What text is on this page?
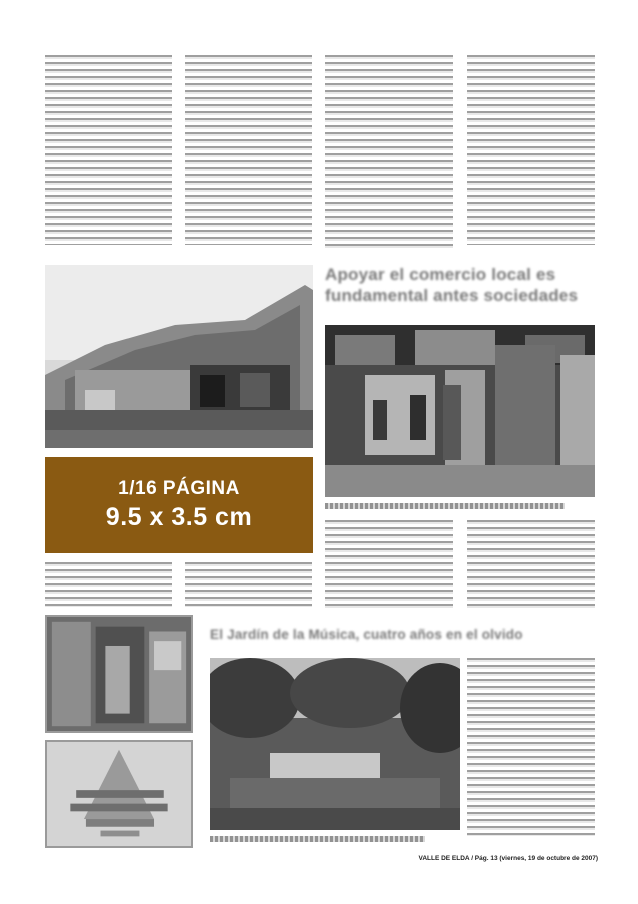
1/16 PÁGINA
9.5 x 3.5 cm
Apoyar el comercio local es
fundamental antes sociedades
El Jardín de la Música, cuatro años en el olvido
VALLE DE ELDA / Pág. 13 (viernes, 19 de octubre de 2007)
